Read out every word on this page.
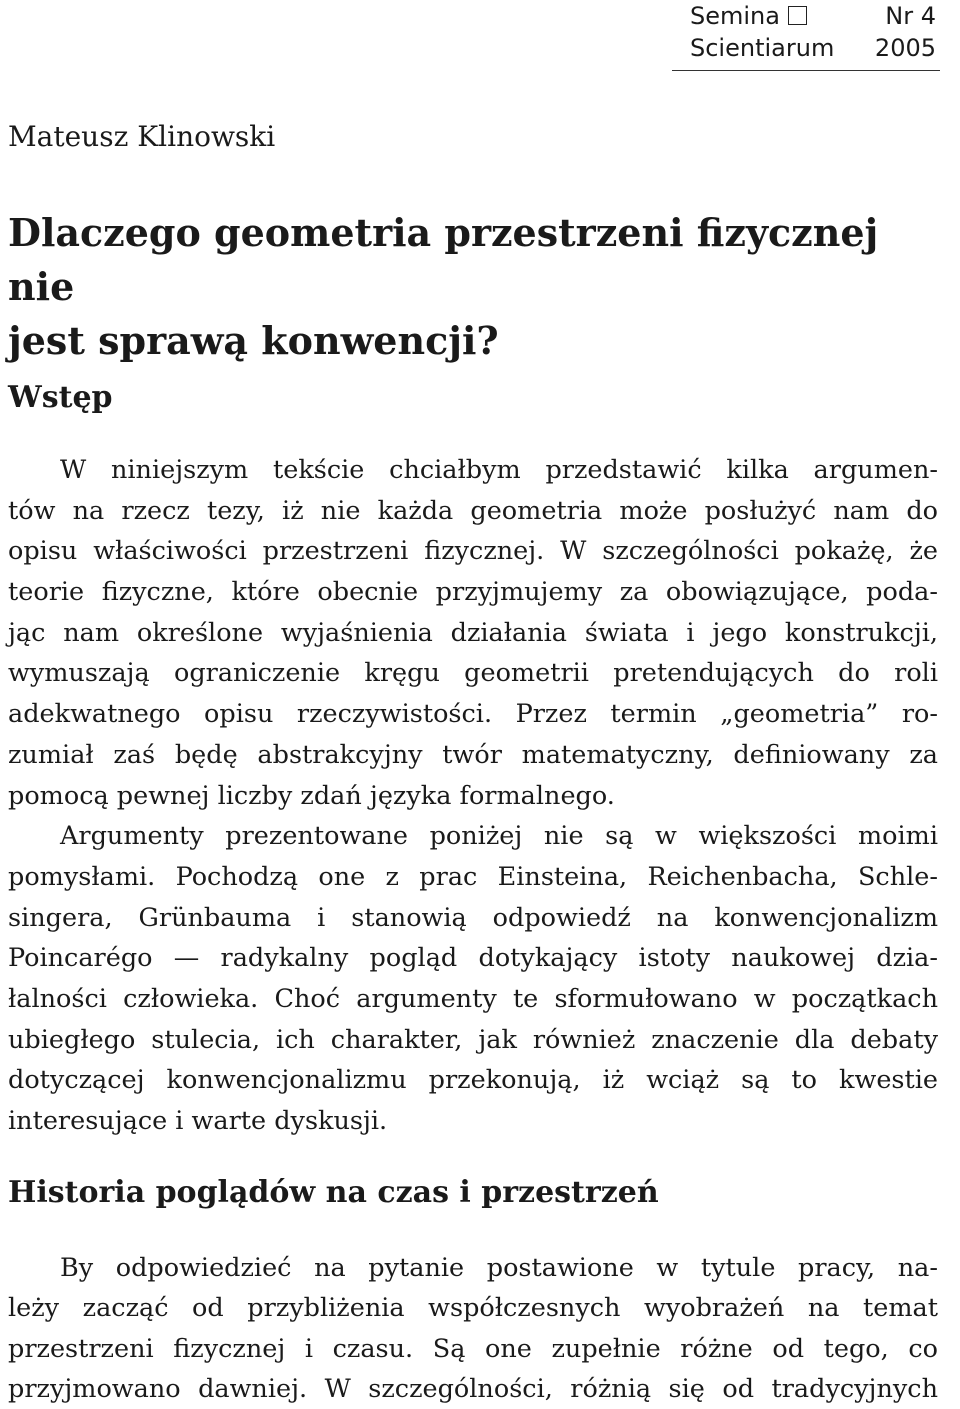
Semina	Nr 4
Scientiarum 2005
Mateusz Klinowski
Dlaczego geometria przestrzeni fizycznej nie
jest sprawą konwencji?
Wstęp
W niniejszym tekście chciałbym przedstawić kilka argumen-
tów na rzecz tezy, iż nie każda geometria może posłużyć nam do
opisu właściwości przestrzeni fizycznej. W szczególności pokażę, że
teorie fizyczne, które obecnie przyjmujemy za obowiązujące, poda-
jąc nam określone wyjaśnienia działania świata i jego konstrukcji,
wymuszają ograniczenie kręgu geometrii pretendujących do roli
adekwatnego opisu rzeczywistości. Przez termin „geometria” ro-
zumiał zaś będę abstrakcyjny twór matematyczny, definiowany za
pomocą pewnej liczby zdań języka formalnego.
Argumenty prezentowane poniżej nie są w większości moimi
pomysłami. Pochodzą one z prac Einsteina, Reichenbacha, Schle-
singera, Grünbauma i stanowią odpowiedź na konwencjonalizm
Poincarégo — radykalny pogląd dotykający istoty naukowej dzia-
łalności człowieka. Choć argumenty te sformułowano w początkach
ubiegłego stulecia, ich charakter, jak również znaczenie dla debaty
dotyczącej konwencjonalizmu przekonują, iż wciąż są to kwestie
interesujące i warte dyskusji.
Historia poglądów na czas i przestrzeń
By odpowiedzieć na pytanie postawione w tytule pracy, na-
leży zacząć od przybliżenia współczesnych wyobrażeń na temat
przestrzeni fizycznej i czasu. Są one zupełnie różne od tego, co
przyjmowano dawniej. W szczególności, różnią się od tradycyjnych
